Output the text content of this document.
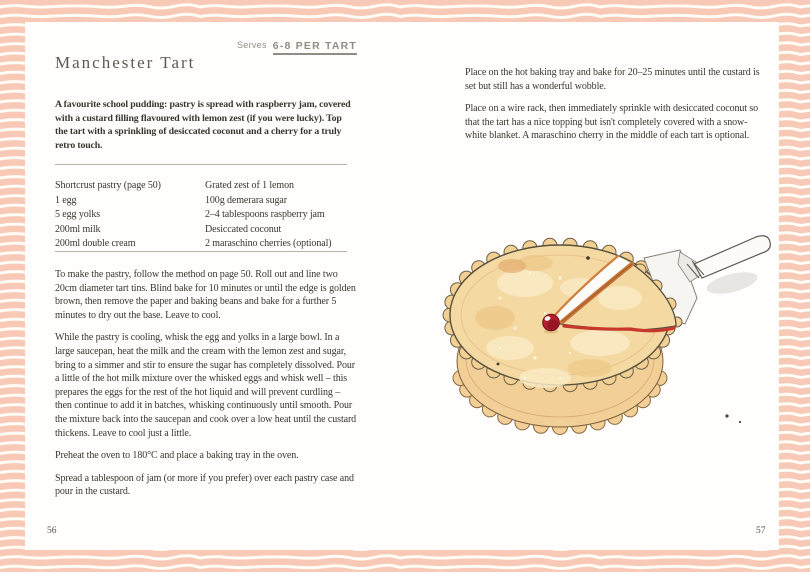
Serves 6-8 PER TART
Manchester Tart
A favourite school pudding: pastry is spread with raspberry jam, covered with a custard filling flavoured with lemon zest (if you were lucky). Top the tart with a sprinkling of desiccated coconut and a cherry for a truly retro touch.
Shortcrust pastry (page 50)
1 egg
5 egg yolks
200ml milk
200ml double cream
Grated zest of 1 lemon
100g demerara sugar
2–4 tablespoons raspberry jam
Desiccated coconut
2 maraschino cherries (optional)

To make the pastry, follow the method on page 50. Roll out and line two 20cm diameter tart tins. Blind bake for 10 minutes or until the edge is golden brown, then remove the paper and baking beans and bake for a further 5 minutes to dry out the base. Leave to cool.

While the pastry is cooling, whisk the egg and yolks in a large bowl. In a large saucepan, heat the milk and the cream with the lemon zest and sugar, bring to a simmer and stir to ensure the sugar has completely dissolved. Pour a little of the hot milk mixture over the whisked eggs and whisk well – this prepares the eggs for the rest of the hot liquid and will prevent curdling – then continue to add it in batches, whisking continuously until smooth. Pour the mixture back into the saucepan and cook over a low heat until the custard thickens. Leave to cool just a little.

Preheat the oven to 180°C and place a baking tray in the oven.

Spread a tablespoon of jam (or more if you prefer) over each pastry case and pour in the custard.

56

Place on the hot baking tray and bake for 20–25 minutes until the custard is set but still has a wonderful wobble.

Place on a wire rack, then immediately sprinkle with desiccated coconut so that the tart has a nice topping but isn't completely covered with a snow-white blanket. A maraschino cherry in the middle of each tart is optional.

57
